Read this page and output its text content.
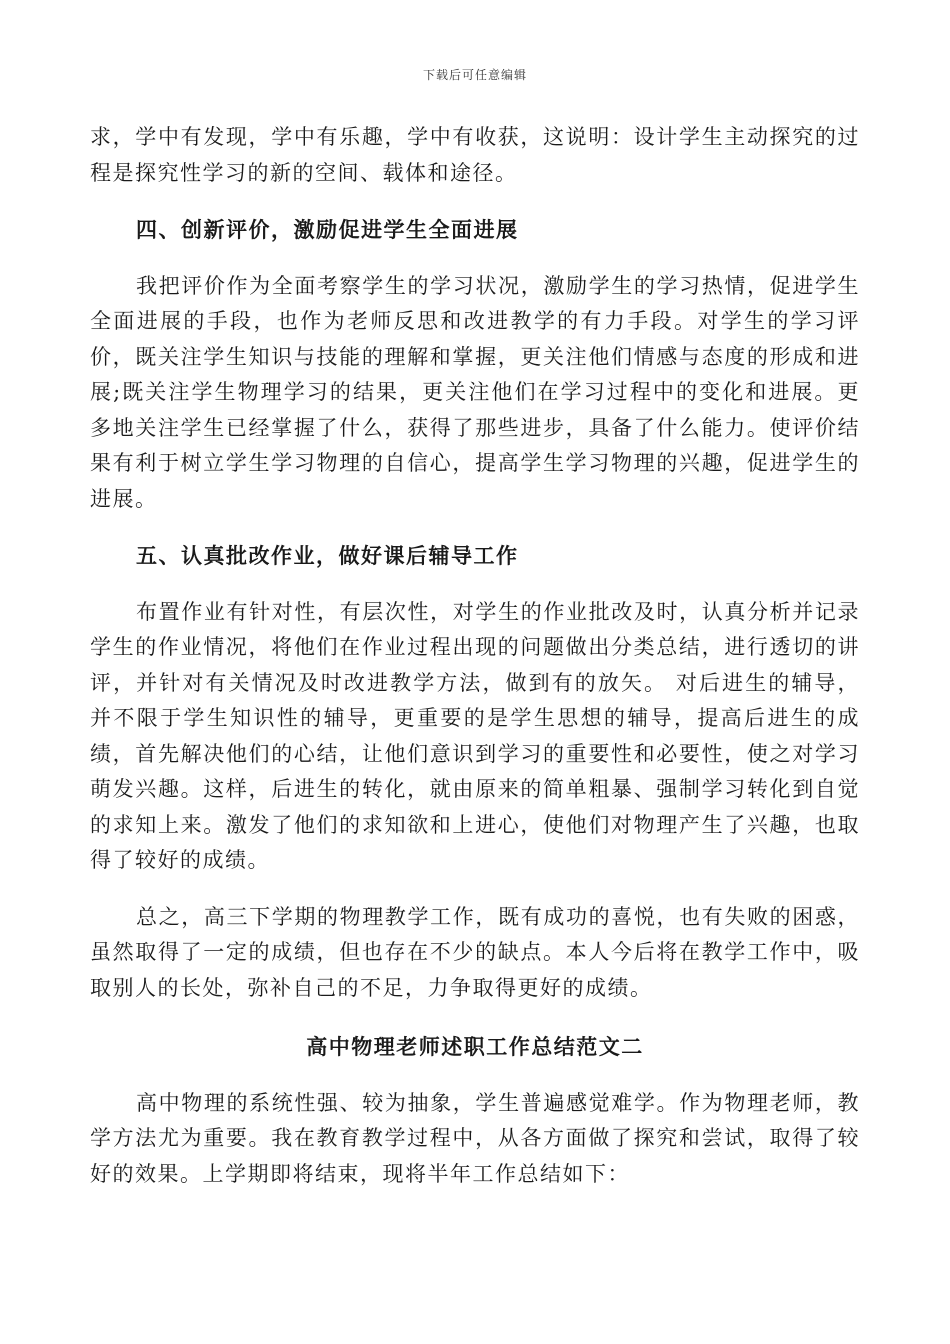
下载后可任意编辑

求，学中有发现，学中有乐趣，学中有收获，这说明：设计学生主动探究的过程是探究性学习的新的空间、载体和途径。

四、创新评价，激励促进学生全面进展

我把评价作为全面考察学生的学习状况，激励学生的学习热情，促进学生全面进展的手段，也作为老师反思和改进教学的有力手段。对学生的学习评价，既关注学生知识与技能的理解和掌握，更关注他们情感与态度的形成和进展;既关注学生物理学习的结果，更关注他们在学习过程中的变化和进展。更多地关注学生已经掌握了什么，获得了那些进步，具备了什么能力。使评价结果有利于树立学生学习物理的自信心，提高学生学习物理的兴趣，促进学生的进展。

五、认真批改作业，做好课后辅导工作

布置作业有针对性，有层次性，对学生的作业批改及时，认真分析并记录学生的作业情况，将他们在作业过程出现的问题做出分类总结，进行透切的讲评，并针对有关情况及时改进教学方法，做到有的放矢。 对后进生的辅导，并不限于学生知识性的辅导，更重要的是学生思想的辅导，提高后进生的成绩，首先解决他们的心结，让他们意识到学习的重要性和必要性，使之对学习萌发兴趣。这样，后进生的转化，就由原来的简单粗暴、强制学习转化到自觉的求知上来。激发了他们的求知欲和上进心，使他们对物理产生了兴趣，也取得了较好的成绩。

总之，高三下学期的物理教学工作，既有成功的喜悦，也有失败的困惑，虽然取得了一定的成绩，但也存在不少的缺点。本人今后将在教学工作中，吸取别人的长处，弥补自己的不足，力争取得更好的成绩。

高中物理老师述职工作总结范文二

高中物理的系统性强、较为抽象，学生普遍感觉难学。作为物理老师，教学方法尤为重要。我在教育教学过程中，从各方面做了探究和尝试，取得了较好的效果。上学期即将结束，现将半年工作总结如下：
